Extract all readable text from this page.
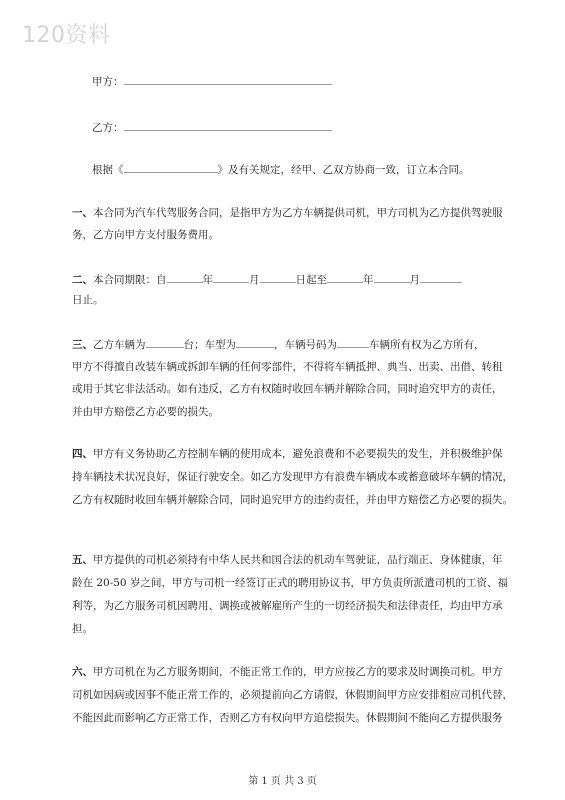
120资料
甲方：
乙方：
根据《	》及有关规定，经甲、乙双方协商一致，订立本合同。
一、本合同为汽车代驾服务合同，是指甲方为乙方车辆提供司机，甲方司机为乙方提供驾驶服
务，乙方向甲方支付服务费用。
二、本合同期限：自	年	月	日起至	年	月
日止。
三、乙方车辆为	台；车型为	，车辆号码为	车辆所有权为乙方所有，
甲方不得擅自改装车辆或拆卸车辆的任何零部件，不得将车辆抵押、典当、出卖、出借、转租
或用于其它非法活动。如有违反，乙方有权随时收回车辆并解除合同，同时追究甲方的责任，
并由甲方赔偿乙方必要的损失。
四、甲方有义务协助乙方控制车辆的使用成本，避免浪费和不必要损失的发生，并积极维护保
持车辆技术状况良好，保证行驶安全。如乙方发现甲方有浪费车辆成本或蓄意破坏车辆的情况，
乙方有权随时收回车辆并解除合同，同时追究甲方的违约责任，并由甲方赔偿乙方必要的损失。
五、甲方提供的司机必须持有中华人民共和国合法的机动车驾驶证，品行端正、身体健康，年
龄在 20-50 岁之间，甲方与司机一经签订正式的聘用协议书，甲方负责所派遣司机的工资、福
利等，为乙方服务司机因聘用、调换或被解雇所产生的一切经济损失和法律责任，均由甲方承
担。
六、甲方司机在为乙方服务期间，不能正常工作的，甲方应按乙方的要求及时调换司机。甲方
司机如因病或因事不能正常工作的，必须提前向乙方请假，休假期间甲方应安排相应司机代替，
不能因此而影响乙方正常工作，否则乙方有权向甲方追偿损失。休假期间不能向乙方提供服务
第 1 页 共 3 页
